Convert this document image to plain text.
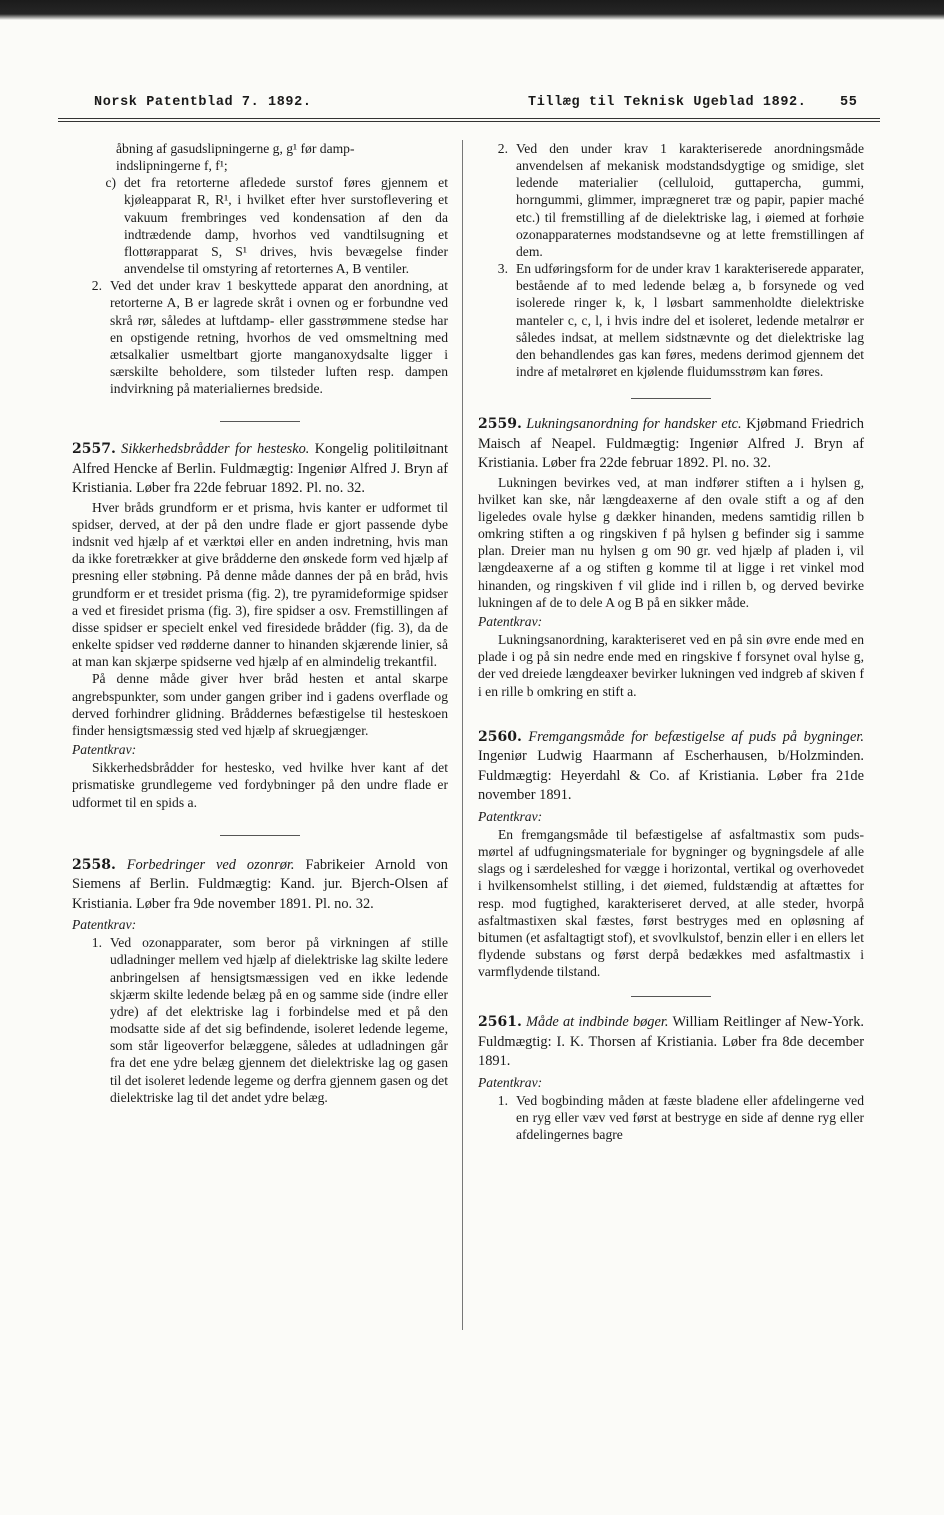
Norsk Patentblad 7. 1892.	Tillæg til Teknisk Ugeblad 1892. 55

åbning af gasudslipningerne g, g¹ før damp-

indslipningerne f, f¹;

c) det fra retorterne afledede surstof føres gjennem et kjøleapparat R, R¹, i hvilket efter hver surstoflevering et vakuum frembringes ved kondensation af den da indtrædende damp, hvorhos ved vandtilsugning et flottørapparat S, S¹ drives, hvis bevægelse finder anvendelse til omstyring af retorternes A, B ventiler.
2. Ved det under krav 1 beskyttede apparat den anordning, at retorterne A, B er lagrede skråt i ovnen og er forbundne ved skrå rør, således at luftdamp- eller gasstrømmene stedse har en opstigende retning, hvorhos de ved omsmeltning med ætsalkalier usmeltbart gjorte manganoxydsalte ligger i særskilte beholdere, som tilsteder luften resp. dampen indvirkning på materialiernes bredside.

2557. Sikkerhedsbrådder for hestesko. Kongelig politiløitnant Alfred Hencke af Berlin. Fuldmægtig: Ingeniør Alfred J. Bryn af Kristiania. Løber fra 22de februar 1892. Pl. no. 32.

Hver bråds grundform er et prisma, hvis kanter er udformet til spidser, derved, at der på den undre flade er gjort passende dybe indsnit ved hjælp af et værktøi eller en anden indretning, hvis man da ikke foretrækker at give brådderne den ønskede form ved hjælp af presning eller støbning. På denne måde dannes der på en bråd, hvis grundform er et tresidet prisma (fig. 2), tre pyramideformige spidser a ved et firesidet prisma (fig. 3), fire spidser a osv. Fremstillingen af disse spidser er specielt enkel ved firesidede brådder (fig. 3), da de enkelte spidser ved rødderne danner to hinanden skjærende linier, så at man kan skjærpe spidserne ved hjælp af en almindelig trekantfil.

På denne måde giver hver bråd hesten et antal skarpe angrebspunkter, som under gangen griber ind i gadens overflade og derved forhindrer glidning. Bråddernes befæstigelse til hesteskoen finder hensigtsmæssig sted ved hjælp af skruegjænger.

Patentkrav:

Sikkerhedsbrådder for hestesko, ved hvilke hver kant af det prismatiske grundlegeme ved fordybninger på den undre flade er udformet til en spids a.

2558. Forbedringer ved ozonrør. Fabrikeier Arnold von Siemens af Berlin. Fuldmægtig: Kand. jur. Bjerch-Olsen af Kristiania. Løber fra 9de november 1891. Pl. no. 32.

Patentkrav:

1. Ved ozonapparater, som beror på virkningen af stille udladninger mellem ved hjælp af dielektriske lag skilte ledere anbringelsen af hensigtsmæssigen ved en ikke ledende skjærm skilte ledende belæg på en og samme side (indre eller ydre) af det elektriske lag i forbindelse med et på den modsatte side af det sig befindende, isoleret ledende legeme, som står ligeoverfor belæggene, således at udladningen går fra det ene ydre belæg gjennem det dielektriske lag og gasen til det isoleret ledende legeme og derfra gjennem gasen og det dielektriske lag til det andet ydre belæg.
2. Ved den under krav 1 karakteriserede anordningsmåde anvendelsen af mekanisk modstandsdygtige og smidige, slet ledende materialier (celluloid, guttapercha, gummi, horngummi, glimmer, imprægneret træ og papir, papier maché etc.) til fremstilling af de dielektriske lag, i øiemed at forhøie ozonapparaternes modstandsevne og at lette fremstillingen af dem.
3. En udføringsform for de under krav 1 karakteriserede apparater, bestående af to med ledende belæg a, b forsynede og ved isolerede ringer k, k, l løsbart sammenholdte dielektriske manteler c, c, l, i hvis indre del et isoleret, ledende metalrør er således indsat, at mellem sidstnævnte og det dielektriske lag den behandlendes gas kan føres, medens derimod gjennem det indre af metalrøret en kjølende fluidumsstrøm kan føres.

2559. Lukningsanordning for handsker etc. Kjøbmand Friedrich Maisch af Neapel. Fuldmægtig: Ingeniør Alfred J. Bryn af Kristiania. Løber fra 22de februar 1892. Pl. no. 32.

Lukningen bevirkes ved, at man indfører stiften a i hylsen g, hvilket kan ske, når længdeaxerne af den ovale stift a og af den ligeledes ovale hylse g dækker hinanden, medens samtidig rillen b omkring stiften a og ringskiven f på hylsen g befinder sig i samme plan. Dreier man nu hylsen g om 90 gr. ved hjælp af pladen i, vil længdeaxerne af a og stiften g komme til at ligge i ret vinkel mod hinanden, og ringskiven f vil glide ind i rillen b, og derved bevirke lukningen af de to dele A og B på en sikker måde.

Patentkrav:

Lukningsanordning, karakteriseret ved en på sin øvre ende med en plade i og på sin nedre ende med en ringskive f forsynet oval hylse g, der ved dreiede længdeaxer bevirker lukningen ved indgreb af skiven f i en rille b omkring en stift a.

2560. Fremgangsmåde for befæstigelse af puds på bygninger. Ingeniør Ludwig Haarmann af Escherhausen, b/Holzminden. Fuldmægtig: Heyerdahl & Co. af Kristiania. Løber fra 21de november 1891.

Patentkrav:

En fremgangsmåde til befæstigelse af asfaltmastix som puds-mørtel af udfugningsmateriale for bygninger og bygningsdele af alle slags og i særdeleshed for vægge i horizontal, vertikal og overhovedet i hvilkensomhelst stilling, i det øiemed, fuldstændig at aftættes for resp. mod fugtighed, karakteriseret derved, at alle steder, hvorpå asfaltmastixen skal fæstes, først bestryges med en opløsning af bitumen (et asfaltagtigt stof), et svovlkulstof, benzin eller i en ellers let flydende substans og først derpå bedækkes med asfaltmastix i varmflydende tilstand.

2561. Måde at indbinde bøger. William Reitlinger af New-York. Fuldmægtig: I. K. Thorsen af Kristiania. Løber fra 8de december 1891.

Patentkrav:

1. Ved bogbinding måden at fæste bladene eller afdelingerne ved en ryg eller væv ved først at bestryge en side af denne ryg eller afdelingernes bagre
